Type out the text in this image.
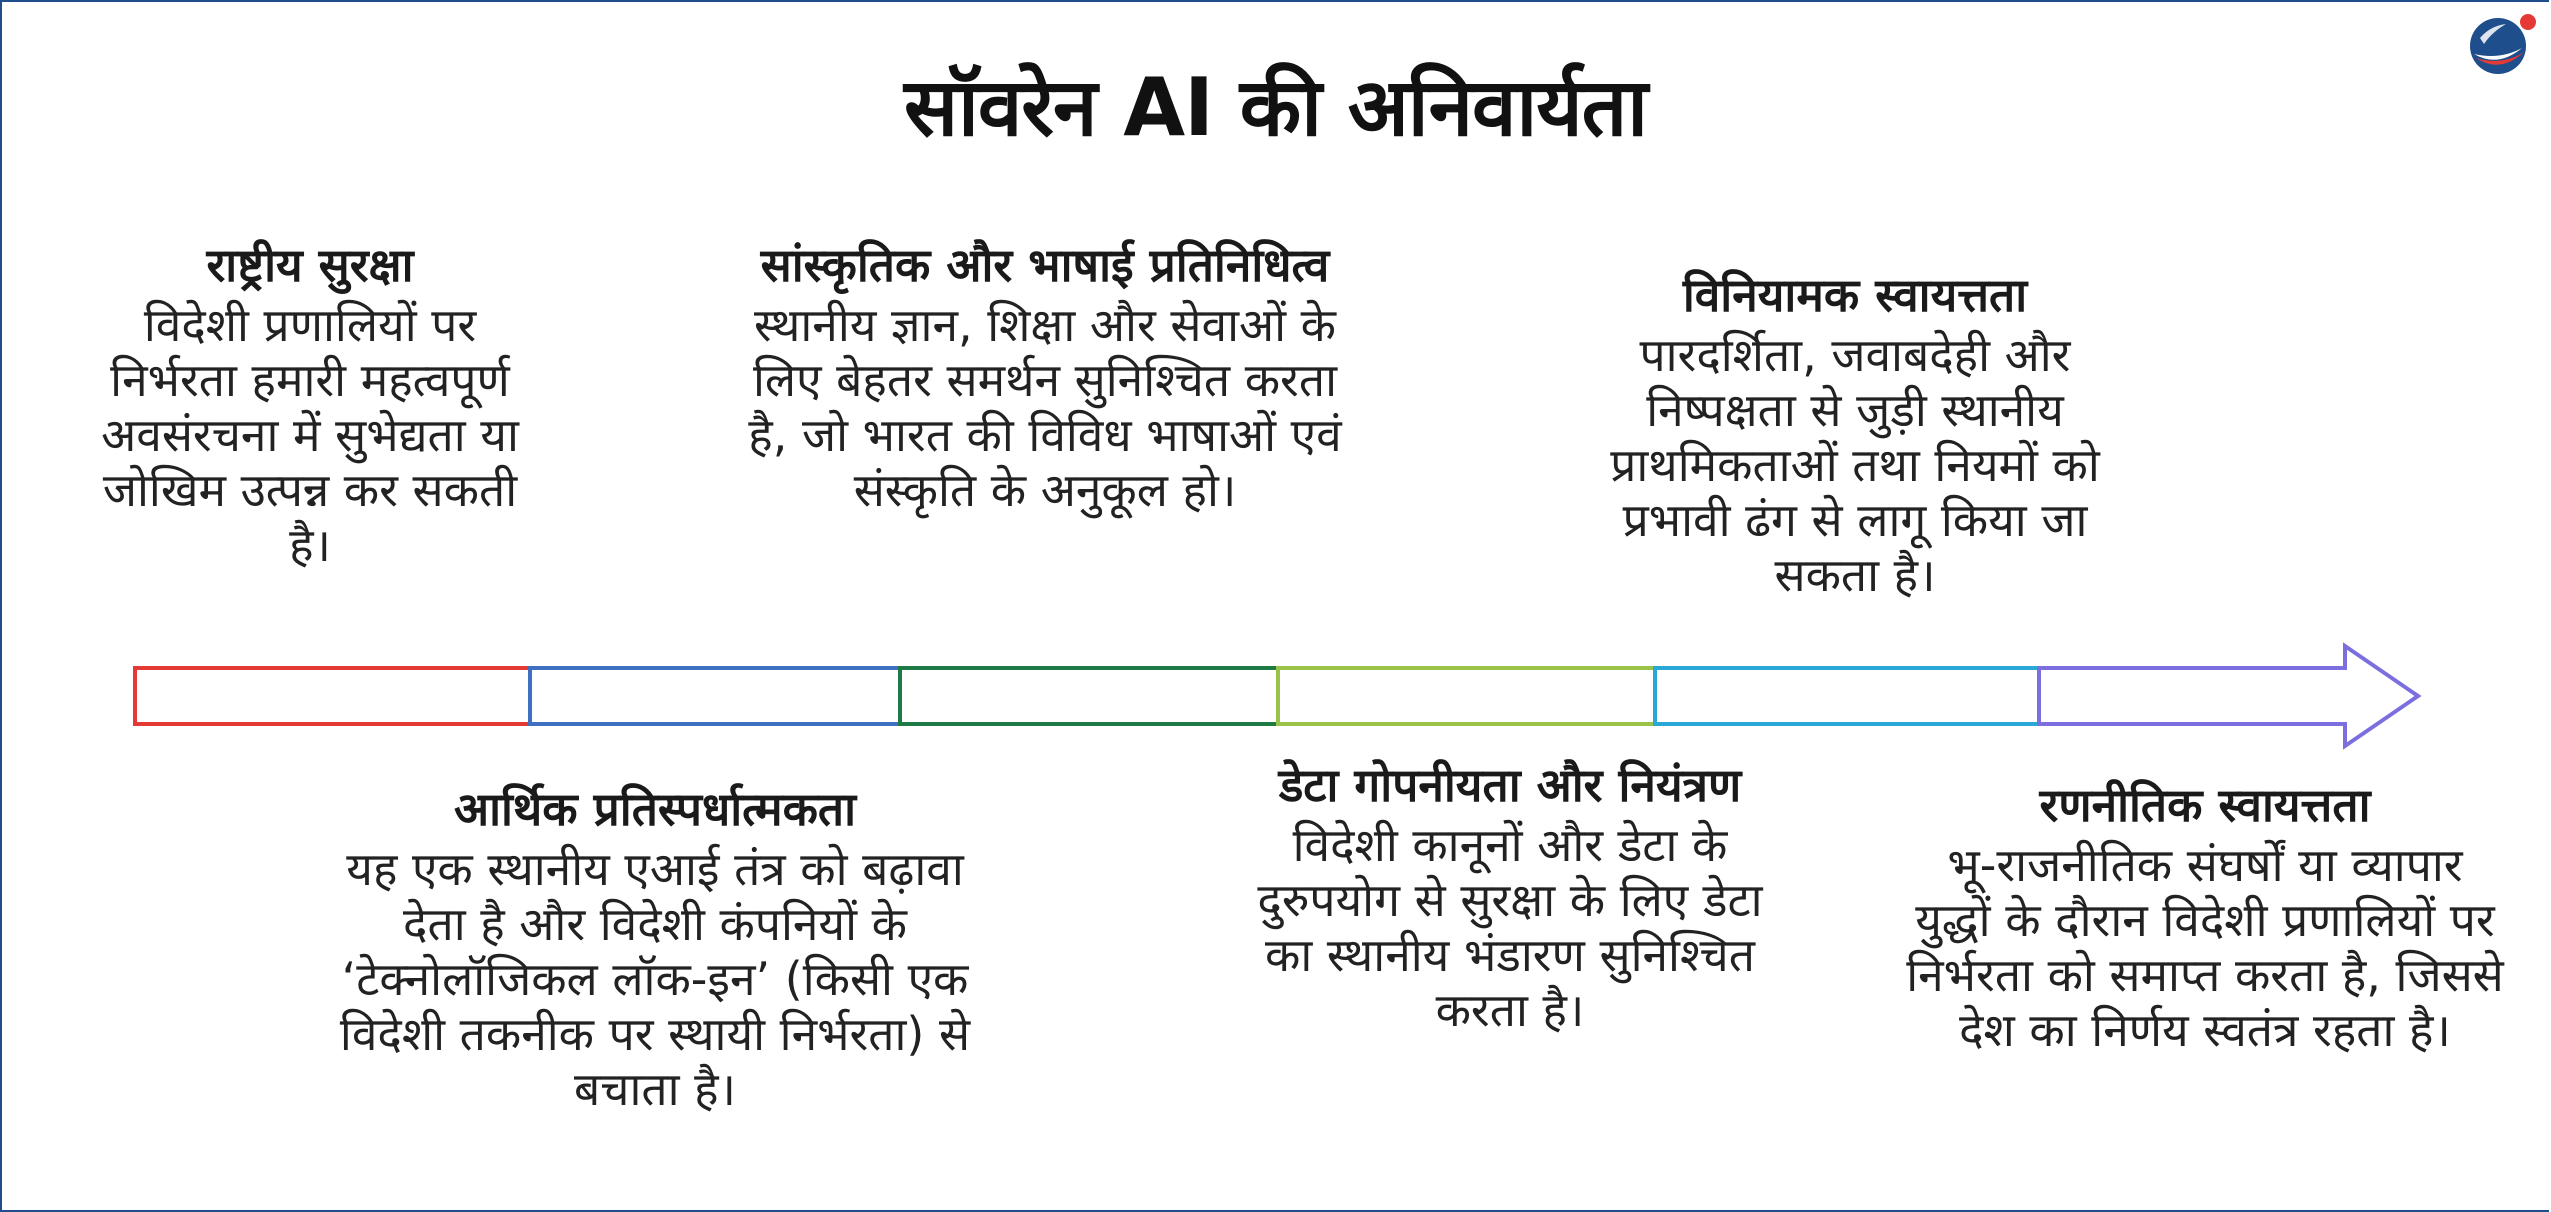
सॉवरेन AI की अनिवार्यता
राष्ट्रीय सुरक्षा
विदेशी प्रणालियों पर निर्भरता हमारी महत्वपूर्ण अवसंरचना में सुभेद्यता या जोखिम उत्पन्न कर सकती है।
सांस्कृतिक और भाषाई प्रतिनिधित्व
स्थानीय ज्ञान, शिक्षा और सेवाओं के लिए बेहतर समर्थन सुनिश्चित करता है, जो भारत की विविध भाषाओं एवं संस्कृति के अनुकूल हो।
विनियामक स्वायत्तता
पारदर्शिता, जवाबदेही और निष्पक्षता से जुड़ी स्थानीय प्राथमिकताओं तथा नियमों को प्रभावी ढंग से लागू किया जा सकता है।
आर्थिक प्रतिस्पर्धात्मकता
यह एक स्थानीय एआई तंत्र को बढ़ावा देता है और विदेशी कंपनियों के ‘टेक्नोलॉजिकल लॉक-इन’ (किसी एक विदेशी तकनीक पर स्थायी निर्भरता) से बचाता है।
डेटा गोपनीयता और नियंत्रण
विदेशी कानूनों और डेटा के दुरुपयोग से सुरक्षा के लिए डेटा का स्थानीय भंडारण सुनिश्चित करता है।
रणनीतिक स्वायत्तता
भू-राजनीतिक संघर्षों या व्यापार युद्धों के दौरान विदेशी प्रणालियों पर निर्भरता को समाप्त करता है, जिससे देश का निर्णय स्वतंत्र रहता है।
